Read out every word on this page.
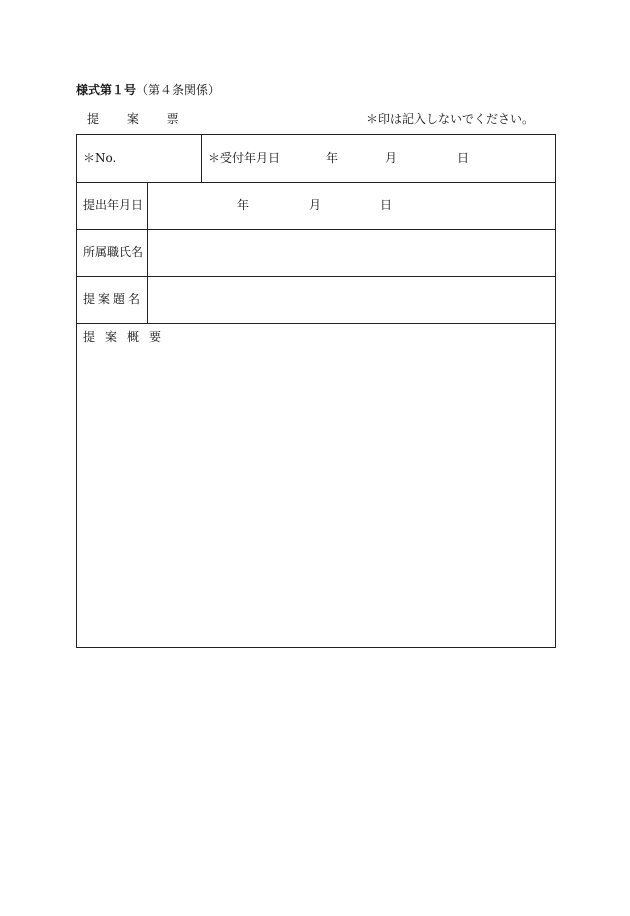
様式第１号（第４条関係）
提 案 票	＊印は記入しないでください。
＊No.	＊受付年月日	年	月	日
提出年月日	年	月	日
所属職氏名
提案題名
提案概要
